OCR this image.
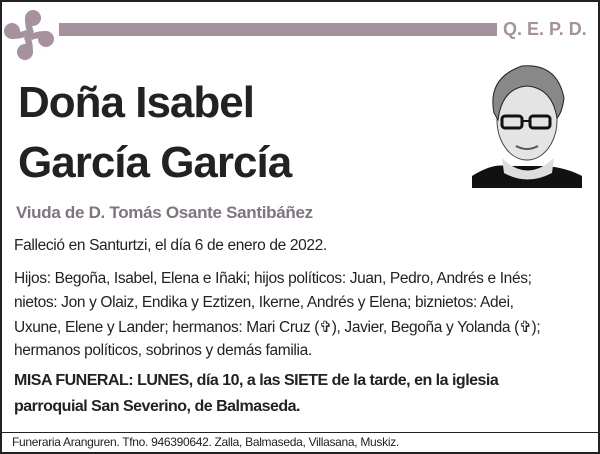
Q. E. P. D.
Doña Isabel
García García
Viuda de D. Tomás Osante Santibáñez
Falleció en Santurtzi, el día 6 de enero de 2022.
Hijos: Begoña, Isabel, Elena e Iñaki; hijos políticos: Juan, Pedro, Andrés e Inés;
nietos: Jon y Olaiz, Endika y Eztizen, Ikerne, Andrés y Elena; biznietos: Adei,
Uxune, Elene y Lander; hermanos: Mari Cruz (✞), Javier, Begoña y Yolanda (✞);
hermanos políticos, sobrinos y demás familia.
MISA FUNERAL: LUNES, día 10, a las SIETE de la tarde, en la iglesia
parroquial San Severino, de Balmaseda.
Funeraria Aranguren. Tfno. 946390642. Zalla, Balmaseda, Villasana, Muskiz.
